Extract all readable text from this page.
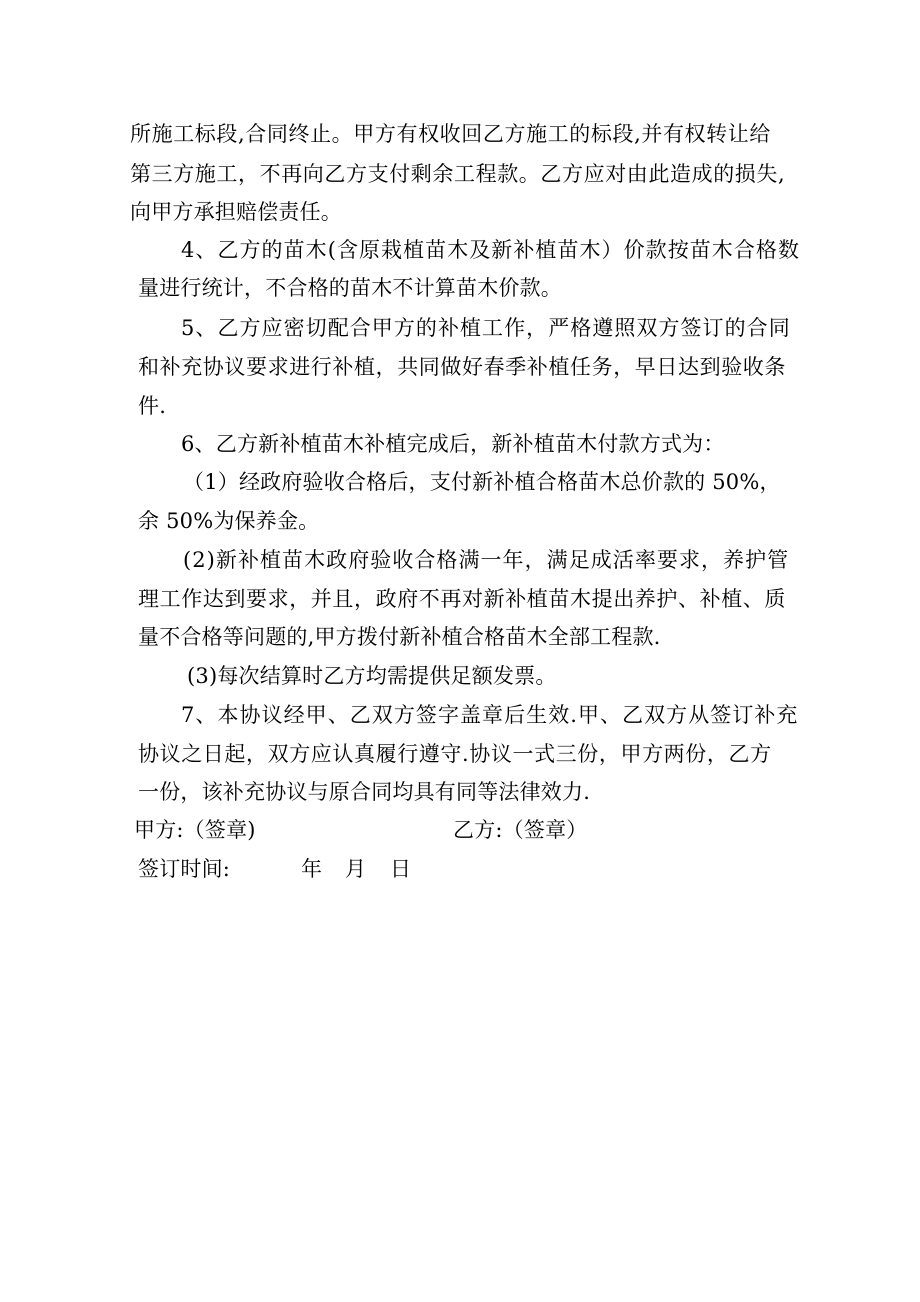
所施工标段,合同终止。甲方有权收回乙方施工的标段,并有权转让给
第三方施工，不再向乙方支付剩余工程款。乙方应对由此造成的损失,
向甲方承担赔偿责任。
4、乙方的苗木(含原栽植苗木及新补植苗木）价款按苗木合格数
量进行统计，不合格的苗木不计算苗木价款。
5、乙方应密切配合甲方的补植工作，严格遵照双方签订的合同
和补充协议要求进行补植，共同做好春季补植任务，早日达到验收条
件.
6、乙方新补植苗木补植完成后，新补植苗木付款方式为：
（1）经政府验收合格后，支付新补植合格苗木总价款的 50%，
余 50%为保养金。
(2)新补植苗木政府验收合格满一年，满足成活率要求，养护管
理工作达到要求，并且，政府不再对新补植苗木提出养护、补植、质
量不合格等问题的,甲方拨付新补植合格苗木全部工程款.
(3)每次结算时乙方均需提供足额发票。
7、本协议经甲、乙双方签字盖章后生效.甲、乙双方从签订补充
协议之日起，双方应认真履行遵守.协议一式三份，甲方两份，乙方
一份，该补充协议与原合同均具有同等法律效力.
甲方:（签章)	乙方:（签章）
签订时间:	年 月 日
